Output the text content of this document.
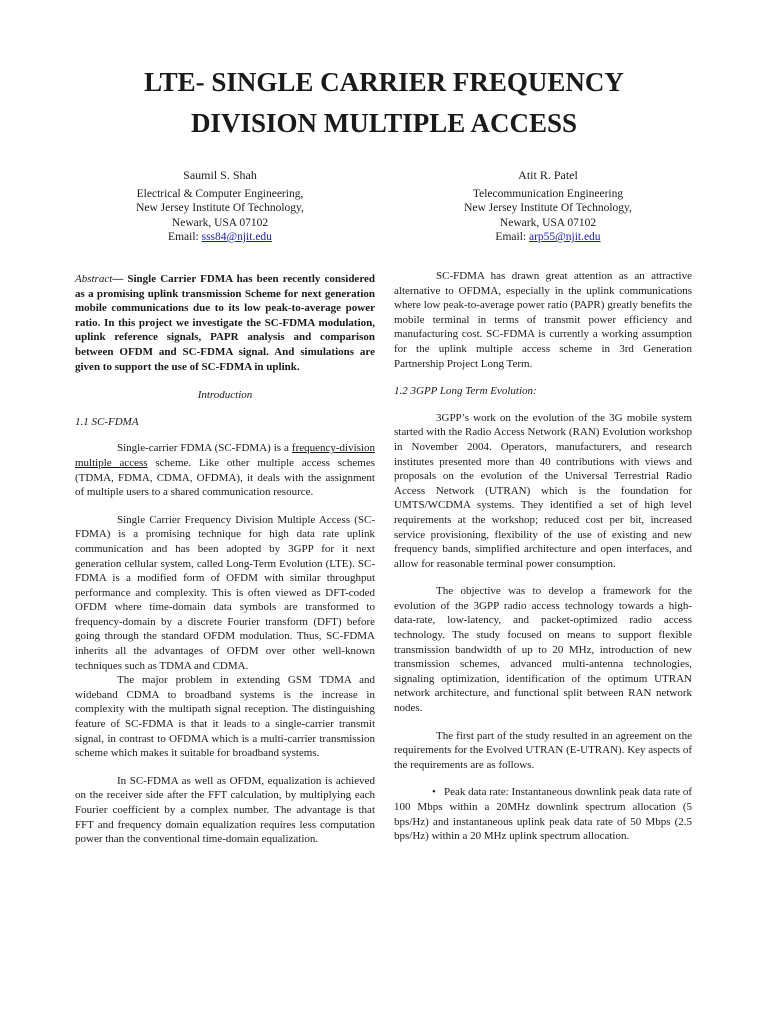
LTE- SINGLE CARRIER FREQUENCY
DIVISION MULTIPLE ACCESS
Saumil S. Shah
Electrical & Computer Engineering,
New Jersey Institute Of Technology,
Newark, USA 07102
Email: sss84@njit.edu
Atit R. Patel
Telecommunication Engineering
New Jersey Institute Of Technology,
Newark, USA 07102
Email: arp55@njit.edu

Abstract— Single Carrier FDMA has been recently considered as a promising uplink transmission Scheme for next generation mobile communications due to its low peak-to-average power ratio. In this project we investigate the SC-FDMA modulation, uplink reference signals, PAPR analysis and comparison between OFDM and SC-FDMA signal. And simulations are given to support the use of SC-FDMA in uplink.

Introduction

1.1 SC-FDMA

Single-carrier FDMA (SC-FDMA) is a frequency-division multiple access scheme. Like other multiple access schemes (TDMA, FDMA, CDMA, OFDMA), it deals with the assignment of multiple users to a shared communication resource.

Single Carrier Frequency Division Multiple Access (SC-FDMA) is a promising technique for high data rate uplink communication and has been adopted by 3GPP for it next generation cellular system, called Long-Term Evolution (LTE). SC-FDMA is a modified form of OFDM with similar throughput performance and complexity. This is often viewed as DFT-coded OFDM where time-domain data symbols are transformed to frequency-domain by a discrete Fourier transform (DFT) before going through the standard OFDM modulation. Thus, SC-FDMA inherits all the advantages of OFDM over other well-known techniques such as TDMA and CDMA.

The major problem in extending GSM TDMA and wideband CDMA to broadband systems is the increase in complexity with the multipath signal reception. The distinguishing feature of SC-FDMA is that it leads to a single-carrier transmit signal, in contrast to OFDMA which is a multi-carrier transmission scheme which makes it suitable for broadband systems.

In SC-FDMA as well as OFDM, equalization is achieved on the receiver side after the FFT calculation, by multiplying each Fourier coefficient by a complex number. The advantage is that FFT and frequency domain equalization requires less computation power than the conventional time-domain equalization.

SC-FDMA has drawn great attention as an attractive alternative to OFDMA, especially in the uplink communications where low peak-to-average power ratio (PAPR) greatly benefits the mobile terminal in terms of transmit power efficiency and manufacturing cost. SC-FDMA is currently a working assumption for the uplink multiple access scheme in 3rd Generation Partnership Project Long Term.

1.2 3GPP Long Term Evolution:

3GPP’s work on the evolution of the 3G mobile system started with the Radio Access Network (RAN) Evolution workshop in November 2004. Operators, manufacturers, and research institutes presented more than 40 contributions with views and proposals on the evolution of the Universal Terrestrial Radio Access Network (UTRAN) which is the foundation for UMTS/WCDMA systems. They identified a set of high level requirements at the workshop; reduced cost per bit, increased service provisioning, flexibility of the use of existing and new frequency bands, simplified architecture and open interfaces, and allow for reasonable terminal power consumption.

The objective was to develop a framework for the evolution of the 3GPP radio access technology towards a high-data-rate, low-latency, and packet-optimized radio access technology. The study focused on means to support flexible transmission bandwidth of up to 20 MHz, introduction of new transmission schemes, advanced multi-antenna technologies, signaling optimization, identification of the optimum UTRAN network architecture, and functional split between RAN network nodes.

The first part of the study resulted in an agreement on the requirements for the Evolved UTRAN (E-UTRAN). Key aspects of the requirements are as follows.

• Peak data rate: Instantaneous downlink peak data rate of 100 Mbps within a 20MHz downlink spectrum allocation (5 bps/Hz) and instantaneous uplink peak data rate of 50 Mbps (2.5 bps/Hz) within a 20 MHz uplink spectrum allocation.
